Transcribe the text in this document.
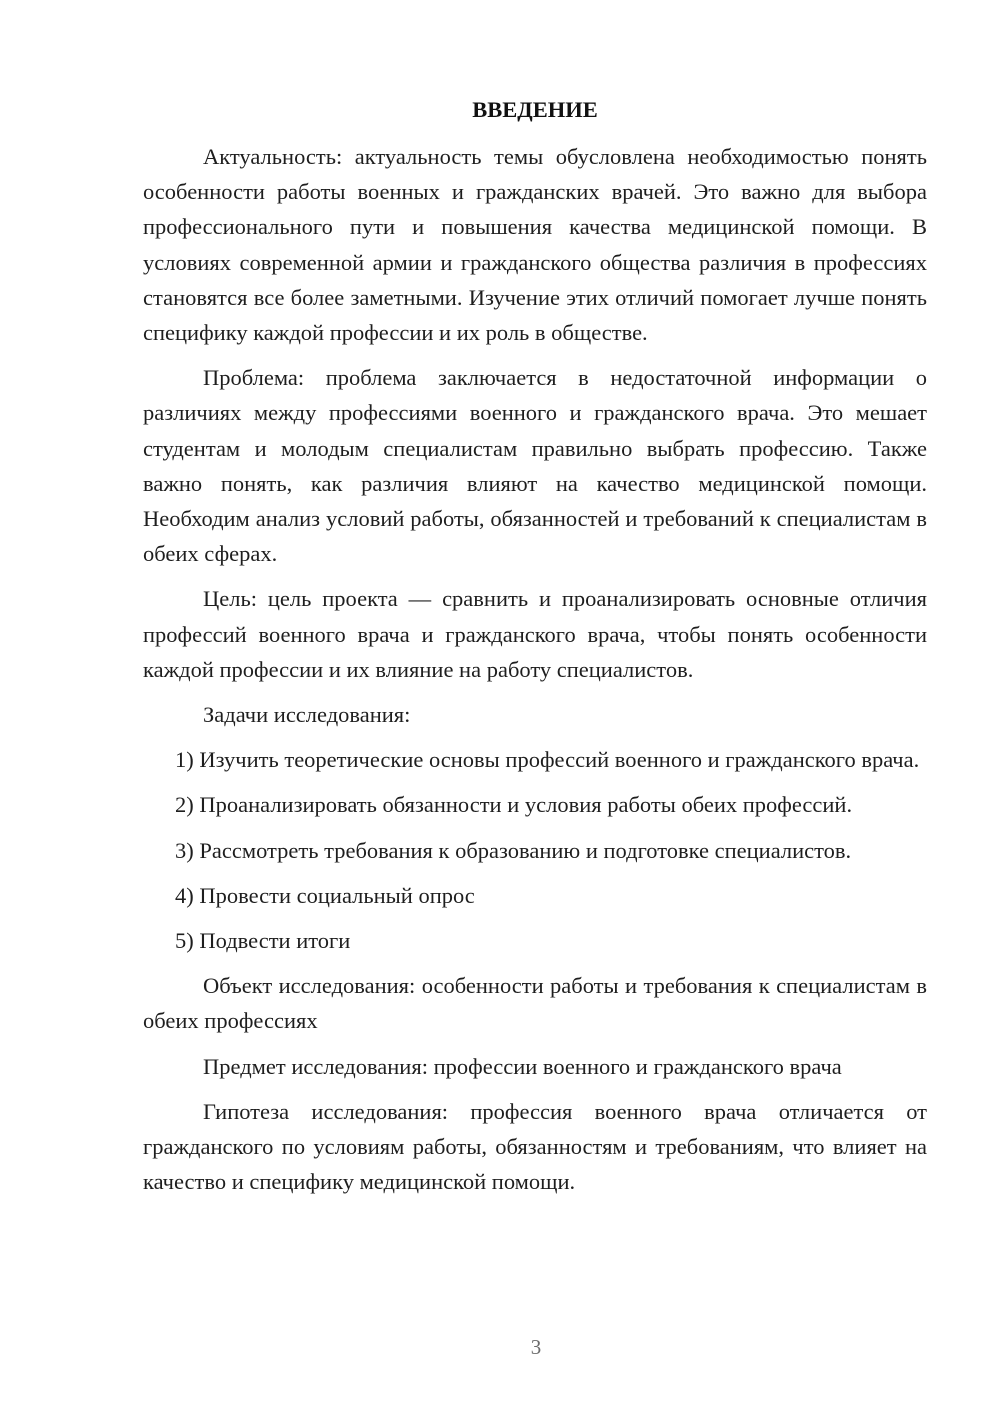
ВВЕДЕНИЕ

Актуальность: актуальность темы обусловлена необходимостью понять особенности работы военных и гражданских врачей. Это важно для выбора профессионального пути и повышения качества медицинской помощи. В условиях современной армии и гражданского общества различия в профессиях становятся все более заметными. Изучение этих отличий помогает лучше понять специфику каждой профессии и их роль в обществе.

Проблема: проблема заключается в недостаточной информации о различиях между профессиями военного и гражданского врача. Это мешает студентам и молодым специалистам правильно выбрать профессию. Также важно понять, как различия влияют на качество медицинской помощи. Необходим анализ условий работы, обязанностей и требований к специалистам в обеих сферах.

Цель: цель проекта — сравнить и проанализировать основные отличия профессий военного врача и гражданского врача, чтобы понять особенности каждой профессии и их влияние на работу специалистов.

Задачи исследования:

1) Изучить теоретические основы профессий военного и гражданского врача.
2) Проанализировать обязанности и условия работы обеих профессий.
3) Рассмотреть требования к образованию и подготовке специалистов.
4) Провести социальный опрос
5) Подвести итоги

Объект исследования: особенности работы и требования к специалистам в обеих профессиях

Предмет исследования: профессии военного и гражданского врача

Гипотеза исследования: профессия военного врача отличается от гражданского по условиям работы, обязанностям и требованиям, что влияет на качество и специфику медицинской помощи.

3
